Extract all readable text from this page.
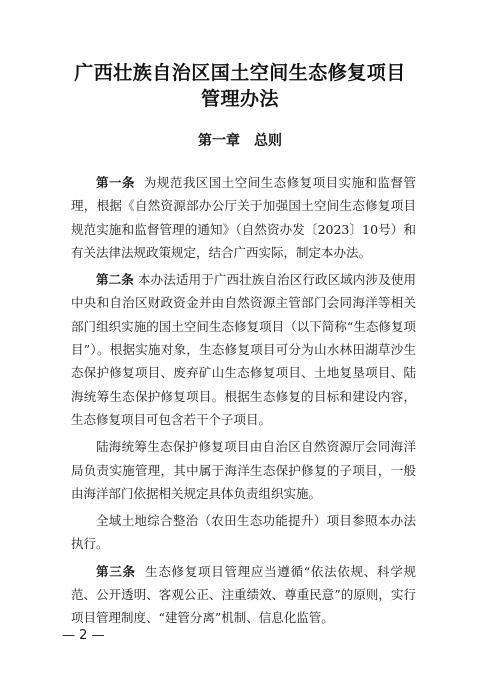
广西壮族自治区国土空间生态修复项目
管理办法
第一章 总则

第一条 为规范我区国土空间生态修复项目实施和监督管理，根据《自然资源部办公厅关于加强国土空间生态修复项目规范实施和监督管理的通知》（自然资办发〔2023〕10号）和有关法律法规政策规定，结合广西实际，制定本办法。

第二条 本办法适用于广西壮族自治区行政区域内涉及使用中央和自治区财政资金并由自然资源主管部门会同海洋等相关部门组织实施的国土空间生态修复项目（以下简称“生态修复项目”）。根据实施对象，生态修复项目可分为山水林田湖草沙生态保护修复项目、废弃矿山生态修复项目、土地复垦项目、陆海统筹生态保护修复项目。根据生态修复的目标和建设内容，生态修复项目可包含若干个子项目。

陆海统筹生态保护修复项目由自治区自然资源厅会同海洋局负责实施管理，其中属于海洋生态保护修复的子项目，一般由海洋部门依据相关规定具体负责组织实施。

全域土地综合整治（农田生态功能提升）项目参照本办法执行。

第三条 生态修复项目管理应当遵循“依法依规、科学规范、公开透明、客观公正、注重绩效、尊重民意”的原则，实行项目管理制度、“建管分离”机制、信息化监管。

— 2 —
